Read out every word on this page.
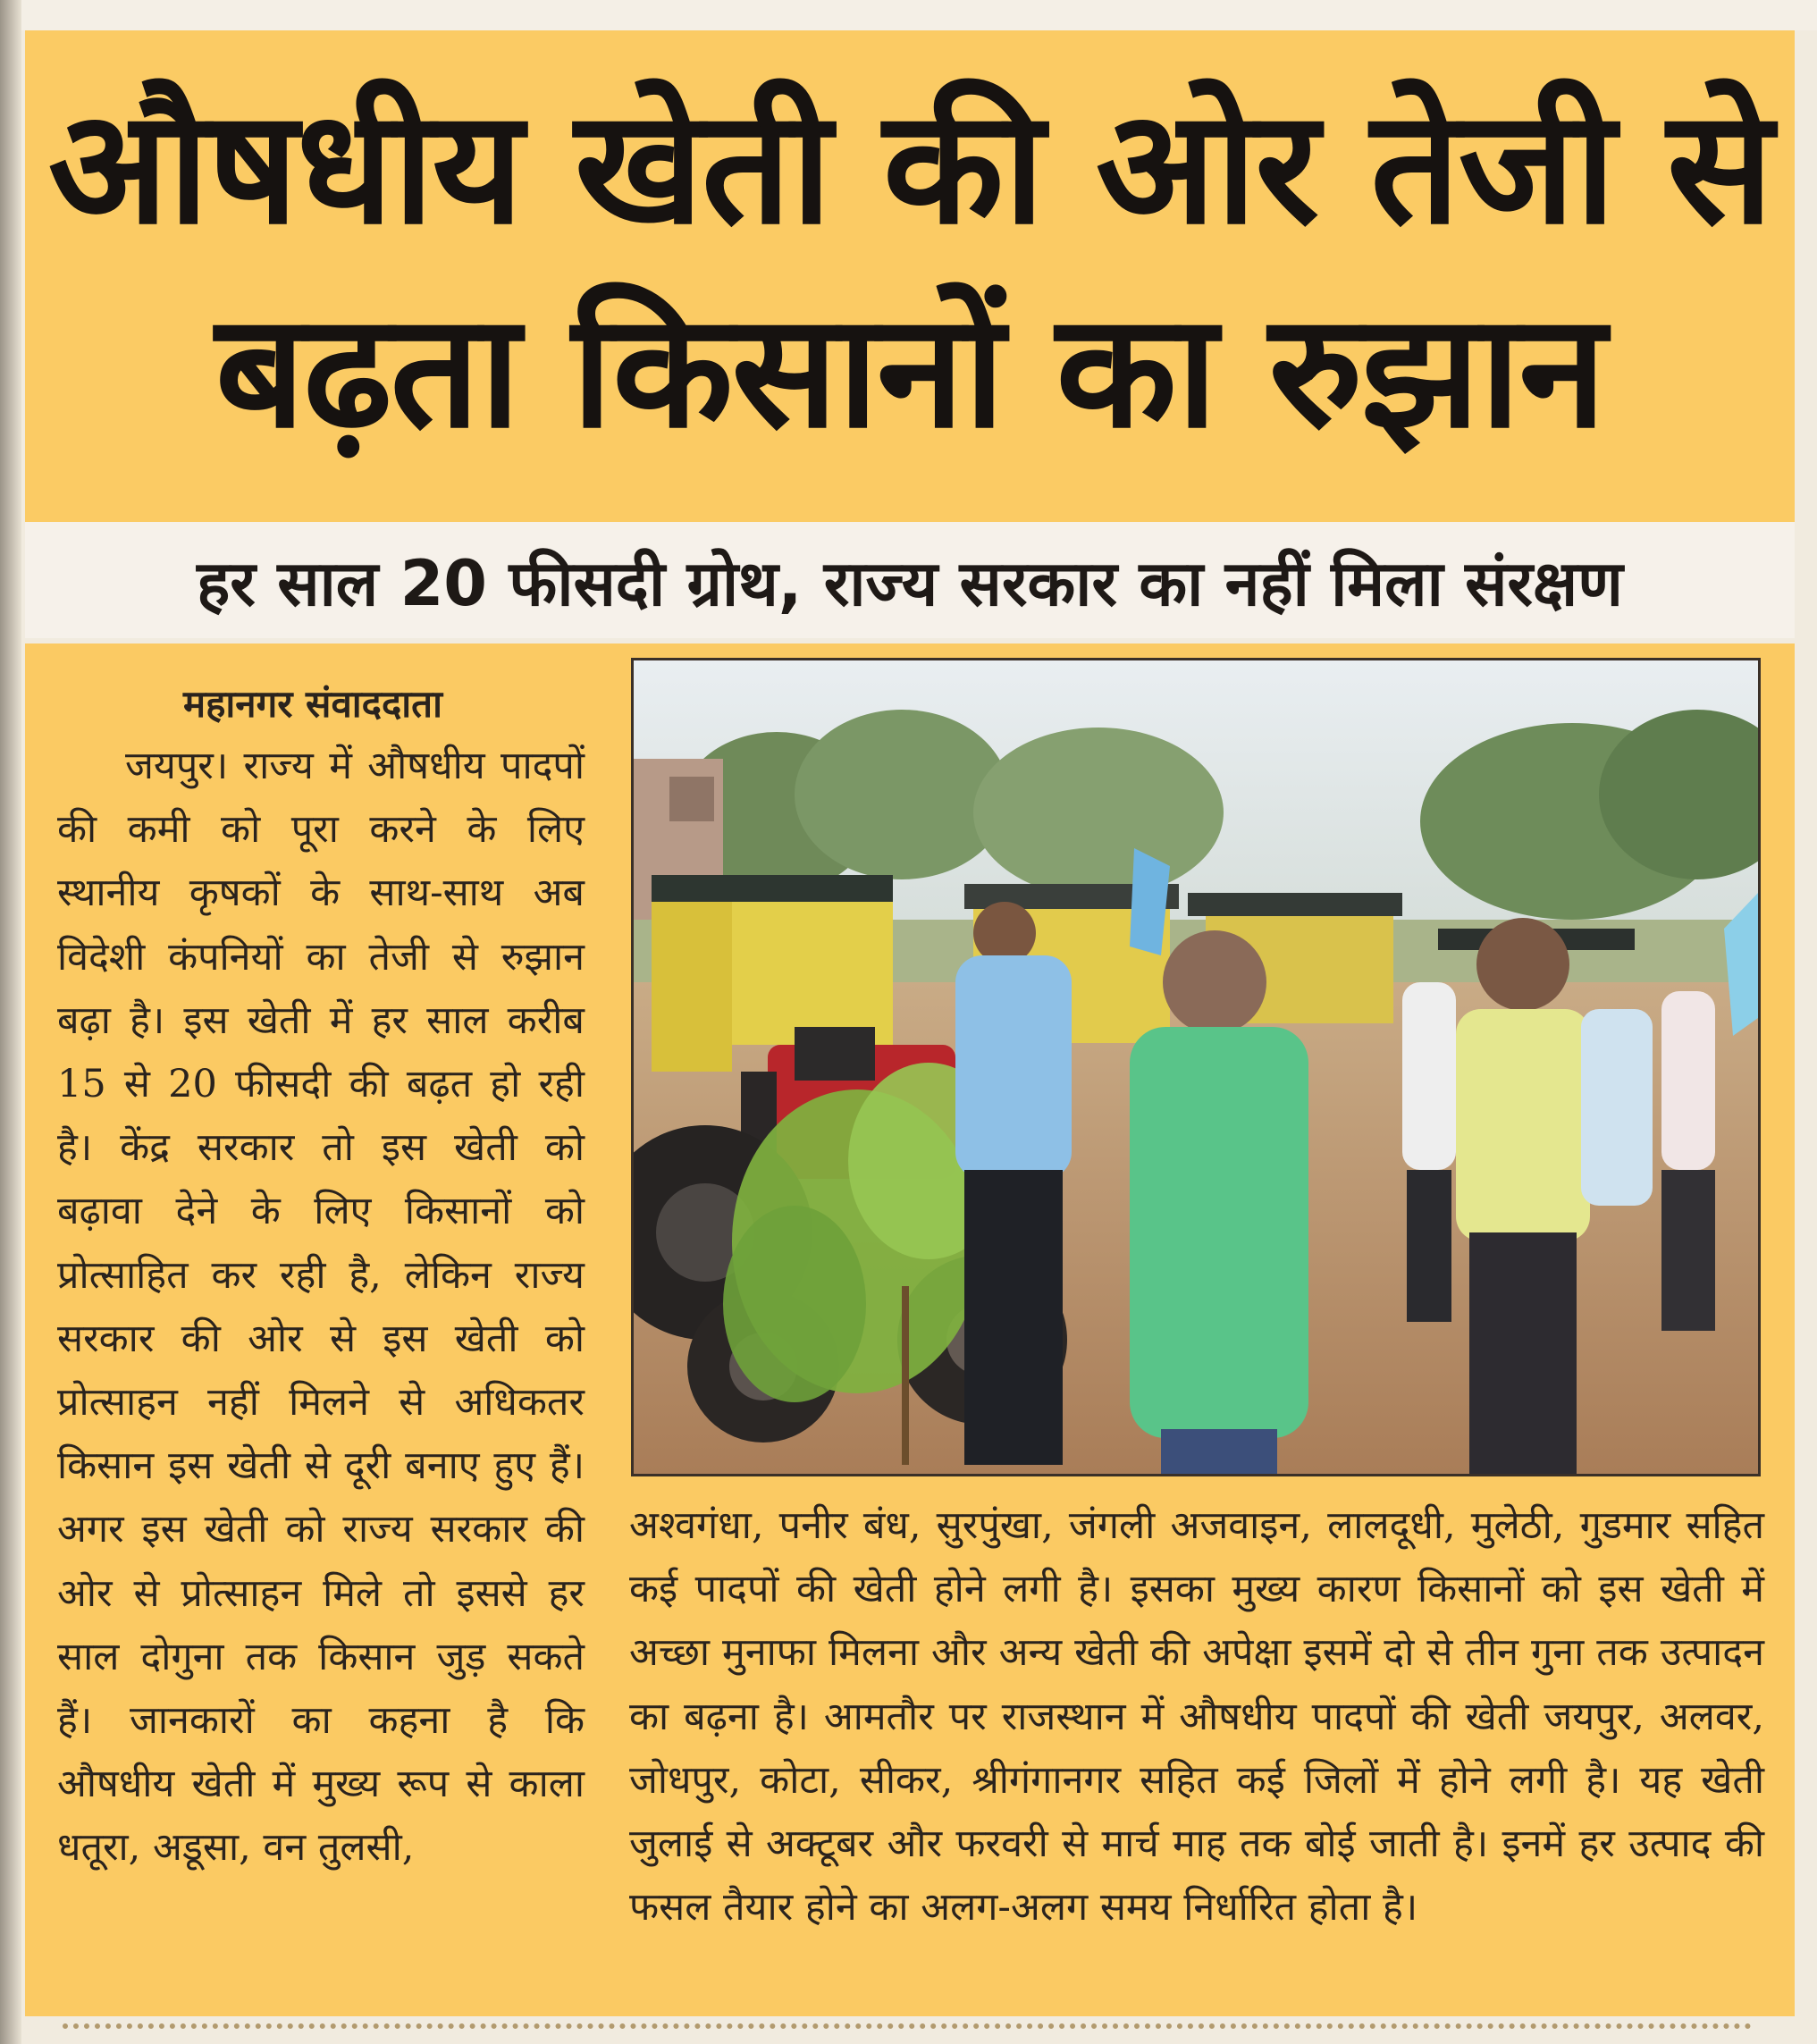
औषधीय खेती की ओर तेजी से बढ़ता किसानों का रुझान
हर साल 20 फीसदी ग्रोथ, राज्य सरकार का नहीं मिला संरक्षण

महानगर संवाददाता

जयपुर। राज्य में औषधीय पादपों की कमी को पूरा करने के लिए स्थानीय कृषकों के साथ-साथ अब विदेशी कंपनियों का तेजी से रुझान बढ़ा है। इस खेती में हर साल करीब 15 से 20 फीसदी की बढ़त हो रही है। केंद्र सरकार तो इस खेती को बढ़ावा देने के लिए किसानों को प्रोत्साहित कर रही है, लेकिन राज्य सरकार की ओर से इस खेती को प्रोत्साहन नहीं मिलने से अधिकतर किसान इस खेती से दूरी बनाए हुए हैं। अगर इस खेती को राज्य सरकार की ओर से प्रोत्साहन मिले तो इससे हर साल दोगुना तक किसान जुड़ सकते हैं। जानकारों का कहना है कि औषधीय खेती में मुख्य रूप से काला धतूरा, अडूसा, वन तुलसी,

अश्वगंधा, पनीर बंध, सुरपुंखा, जंगली अजवाइन, लालदूधी, मुलेठी, गुडमार सहित कई पादपों की खेती होने लगी है। इसका मुख्य कारण किसानों को इस खेती में अच्छा मुनाफा मिलना और अन्य खेती की अपेक्षा इसमें दो से तीन गुना तक उत्पादन का बढ़ना है। आमतौर पर राजस्थान में औषधीय पादपों की खेती जयपुर, अलवर, जोधपुर, कोटा, सीकर, श्रीगंगानगर सहित कई जिलों में होने लगी है। यह खेती जुलाई से अक्टूबर और फरवरी से मार्च माह तक बोई जाती है। इनमें हर उत्पाद की फसल तैयार होने का अलग-अलग समय निर्धारित होता है।
